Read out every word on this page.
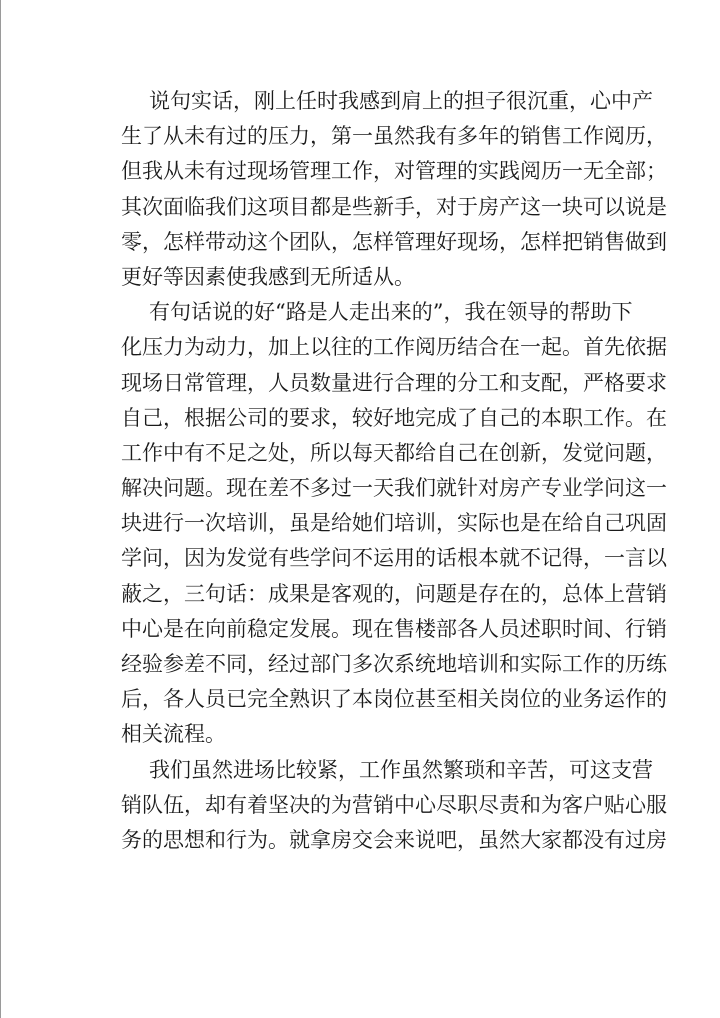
说句实话，刚上任时我感到肩上的担子很沉重，心中产
生了从未有过的压力，第一虽然我有多年的销售工作阅历，
但我从未有过现场管理工作，对管理的实践阅历一无全部；
其次面临我们这项目都是些新手，对于房产这一块可以说是
零，怎样带动这个团队，怎样管理好现场，怎样把销售做到
更好等因素使我感到无所适从。
有句话说的好“路是人走出来的”，我在领导的帮助下
化压力为动力，加上以往的工作阅历结合在一起。首先依据
现场日常管理，人员数量进行合理的分工和支配，严格要求
自己，根据公司的要求，较好地完成了自己的本职工作。在
工作中有不足之处，所以每天都给自己在创新，发觉问题，
解决问题。现在差不多过一天我们就针对房产专业学问这一
块进行一次培训，虽是给她们培训，实际也是在给自己巩固
学问，因为发觉有些学问不运用的话根本就不记得，一言以
蔽之，三句话：成果是客观的，问题是存在的，总体上营销
中心是在向前稳定发展。现在售楼部各人员述职时间、行销
经验参差不同，经过部门多次系统地培训和实际工作的历练
后，各人员已完全熟识了本岗位甚至相关岗位的业务运作的
相关流程。
我们虽然进场比较紧，工作虽然繁琐和辛苦，可这支营
销队伍，却有着坚决的为营销中心尽职尽责和为客户贴心服
务的思想和行为。就拿房交会来说吧，虽然大家都没有过房
